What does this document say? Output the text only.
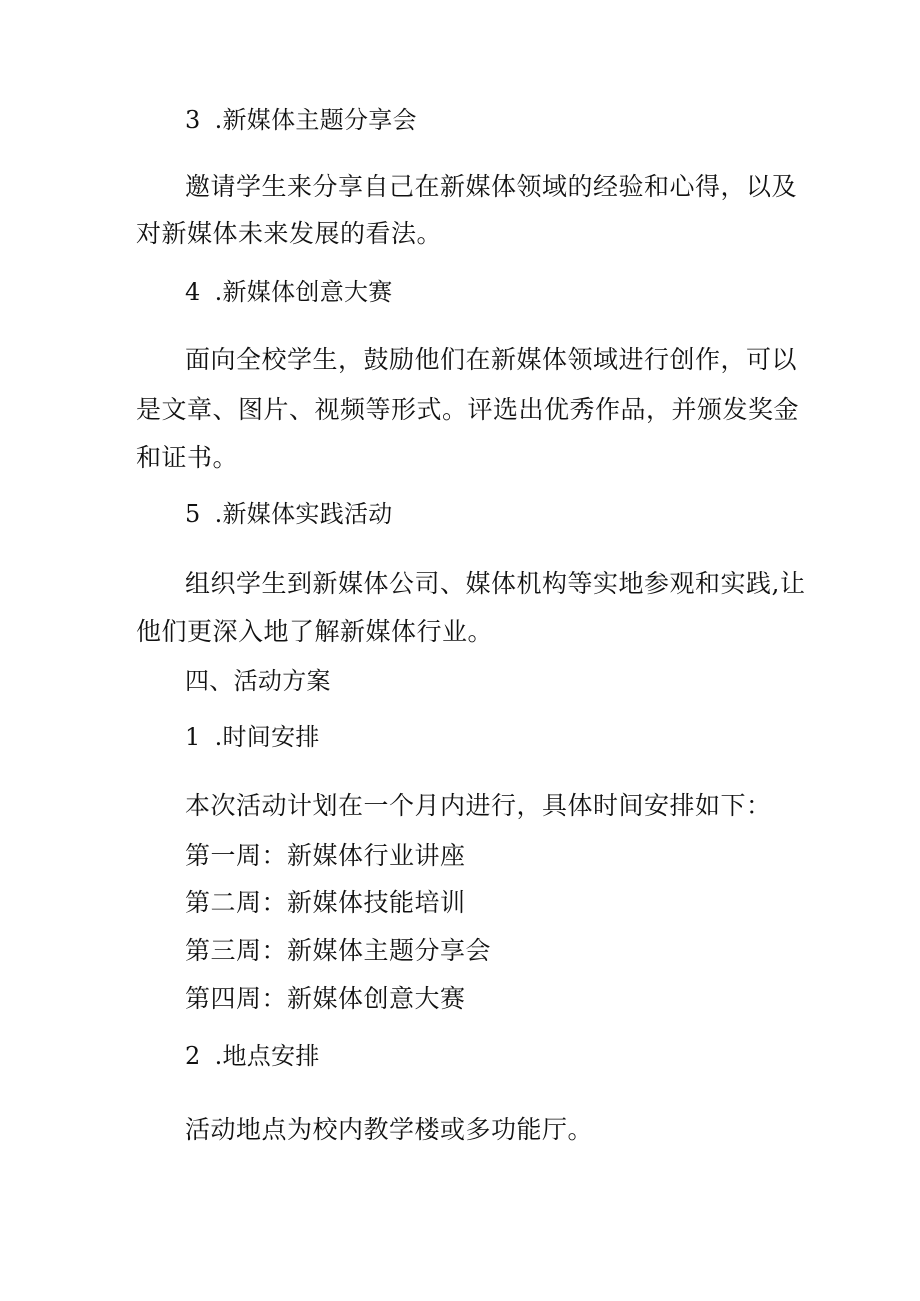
3 .新媒体主题分享会
邀请学生来分享自己在新媒体领域的经验和心得，以及
对新媒体未来发展的看法。
4 .新媒体创意大赛
面向全校学生，鼓励他们在新媒体领域进行创作，可以
是文章、图片、视频等形式。评选出优秀作品，并颁发奖金
和证书。
5 .新媒体实践活动
组织学生到新媒体公司、媒体机构等实地参观和实践,让
他们更深入地了解新媒体行业。
四、活动方案
1 .时间安排
本次活动计划在一个月内进行，具体时间安排如下：
第一周：新媒体行业讲座
第二周：新媒体技能培训
第三周：新媒体主题分享会
第四周：新媒体创意大赛
2 .地点安排
活动地点为校内教学楼或多功能厅。
